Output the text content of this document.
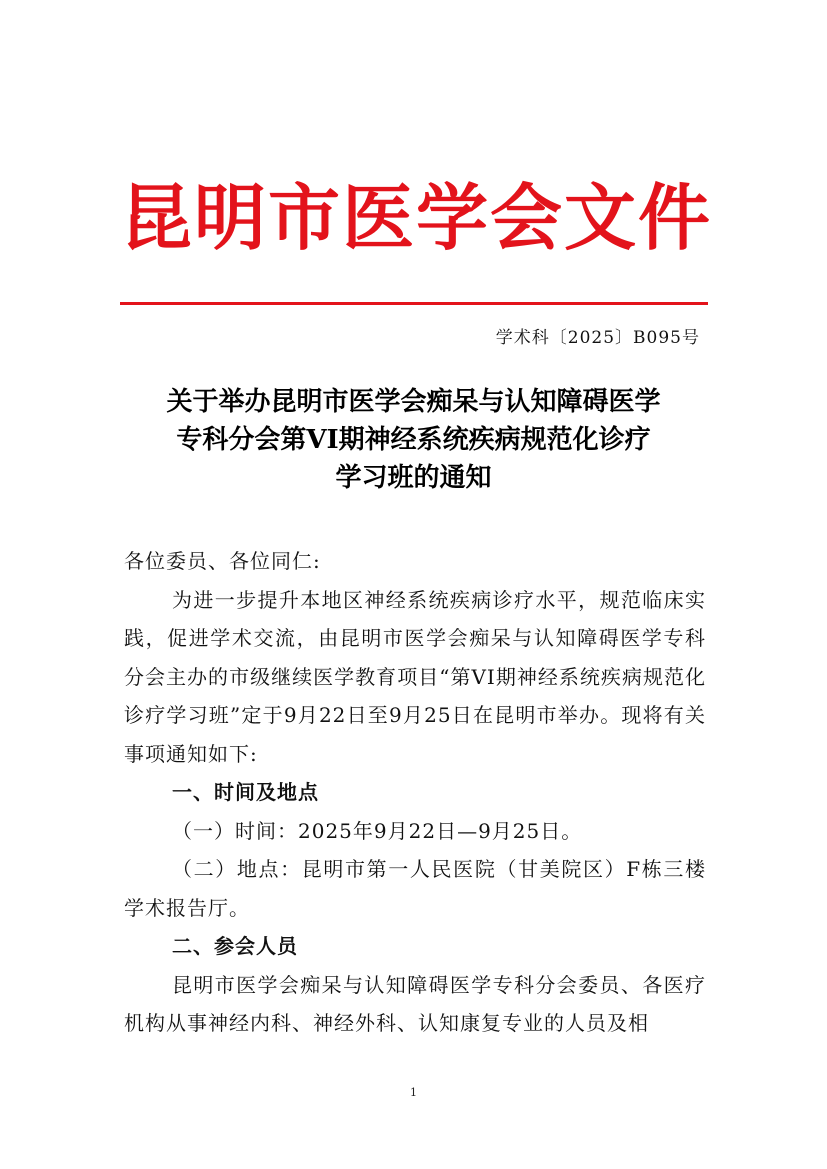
昆明市医学会文件
学术科〔2025〕B095号
关于举办昆明市医学会痴呆与认知障碍医学
专科分会第VI期神经系统疾病规范化诊疗
学习班的通知

各位委员、各位同仁:

为进一步提升本地区神经系统疾病诊疗水平，规范临床实践，促进学术交流，由昆明市医学会痴呆与认知障碍医学专科分会主办的市级继续医学教育项目“第VI期神经系统疾病规范化诊疗学习班”定于9月22日至9月25日在昆明市举办。现将有关事项通知如下:

一、时间及地点

（一）时间：2025年9月22日—9月25日。

（二）地点：昆明市第一人民医院（甘美院区）F栋三楼学术报告厅。

二、参会人员

昆明市医学会痴呆与认知障碍医学专科分会委员、各医疗机构从事神经内科、神经外科、认知康复专业的人员及相

1
